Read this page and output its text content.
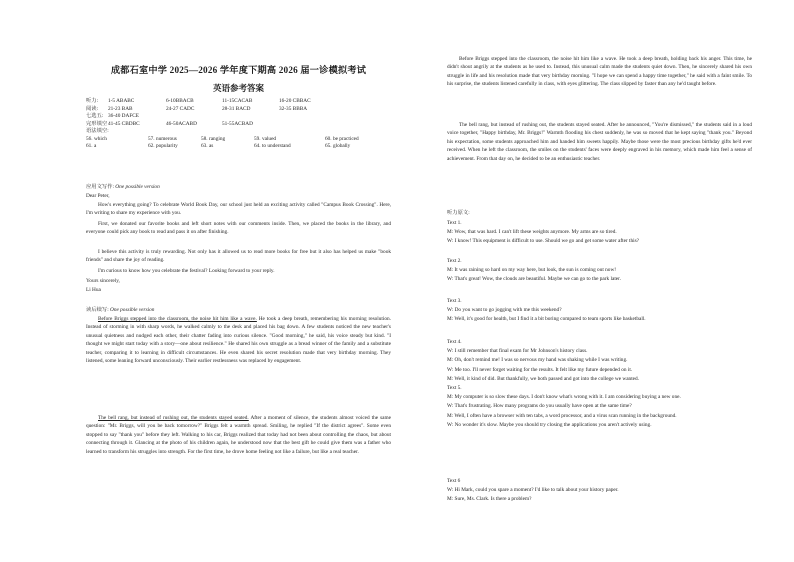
成都石室中学 2025—2026 学年度下期高 2026 届一诊模拟考试
英语参考答案
听力:	1-5 ABABC	6-10BBACB	11-15CACAB	16-20 CBBAC
阅读:	21-23 BAB	24-27 CADC	28-31 BACD	32-35 BBBA
七选五: 36-40 DAFCE
完形填空 41-45 CBDBC	46-50ACABD	51-55ACBAD
语法填空:
56. which	57. numerous	58. ranging	59. valued	60. be practiced
61. a	62. popularity	63. as	64. to understand	65. globally
应用文写作: One possible version
Dear Peter,

How's everything going? To celebrate World Book Day, our school just held an exciting activity called "Campus Book Crossing". Here, I'm writing to share my experience with you.

First, we donated our favorite books and left short notes with our comments inside. Then, we placed the books in the library, and everyone could pick any book to read and pass it on after finishing.

I believe this activity is truly rewarding. Not only has it allowed us to read more books for free but it also has helped us make "book friends" and share the joy of reading.

I'm curious to know how you celebrate the festival? Looking forward to your reply.

Yours sincerely,
Li Hua
读后续写: One possible version

Before Briggs stepped into the classroom, the noise hit him like a wave. He took a deep breath, remembering his morning resolution. Instead of storming in with sharp words, he walked calmly to the desk and placed his bag down. A few students noticed the new teacher's unusual quietness and nudged each other, their chatter fading into curious silence. "Good morning," he said, his voice steady but kind. "I thought we might start today with a story—one about resilience." He shared his own struggle as a bread winner of the family and a substitute teacher, comparing it to learning in difficult circumstances. He even shared his secret resolution made that very birthday morning. They listened, some leaning forward unconsciously. Their earlier restlessness was replaced by engagement.

The bell rang, but instead of rushing out, the students stayed seated. After a moment of silence, the students almost voiced the same question: "Mr. Briggs, will you be back tomorrow?" Briggs felt a warmth spread. Smiling, he replied "If the district agrees". Some even stopped to say "thank you" before they left. Walking to his car, Briggs realized that today had not been about controlling the chaos, but about connecting through it. Glancing at the photo of his children again, he understood now that the best gift he could give them was a father who learned to transform his struggles into strength. For the first time, he drove home feeling not like a failure, but like a real teacher.

Before Briggs stepped into the classroom, the noise hit him like a wave. He took a deep breath, holding back his anger. This time, he didn't shout angrily at the students as he used to. Instead, this unusual calm made the students quiet down. Then, he sincerely shared his own struggle in life and his resolution made that very birthday morning. "I hope we can spend a happy time together," he said with a faint smile. To his surprise, the students listened carefully in class, with eyes glittering. The class slipped by faster than any he'd taught before.

The bell rang, but instead of rushing out, the students stayed seated. After he announced, "You're dismissed," the students said in a loud voice together, "Happy birthday, Mr. Briggs!" Warmth flooding his chest suddenly, he was so moved that he kept saying "thank you." Beyond his expectation, some students approached him and handed him sweets happily. Maybe those were the most precious birthday gifts he'd ever received. When he left the classroom, the smiles on the students' faces were deeply engraved in his memory, which made him feel a sense of achievement. From that day on, he decided to be an enthusiastic teacher.

听力原文:
Text 1.
M: Wow, that was hard. I can't lift these weights anymore. My arms are so tired.
W: I know! This equipment is difficult to use. Should we go and get some water after this?
Text 2.
M: It was raining so hard on my way here, but look, the sun is coming out now!
W: That's great! Wow, the clouds are beautiful. Maybe we can go to the park later.
Text 3.
W: Do you want to go jogging with me this weekend?
M: Well, it's good for health, but I find it a bit boring compared to team sports like basketball.
Text 4.
W: I still remember that final exam for Mr Johnson's history class.
M: Oh, don't remind me! I was so nervous my hand was shaking while I was writing.
W: Me too. I'll never forget waiting for the results. It felt like my future depended on it.
M: Well, it kind of did. But thankfully, we both passed and got into the college we wanted.
Text 5.
M: My computer is so slow these days. I don't know what's wrong with it. I am considering buying a new one.
W: That's frustrating. How many programs do you usually have open at the same time?
M: Well, I often have a browser with ten tabs, a word processor, and a virus scan running in the background.
W: No wonder it's slow. Maybe you should try closing the applications you aren't actively using.
Text 6
W: Hi Mark, could you spare a moment? I'd like to talk about your history paper.
M: Sure, Ms. Clark. Is there a problem?
